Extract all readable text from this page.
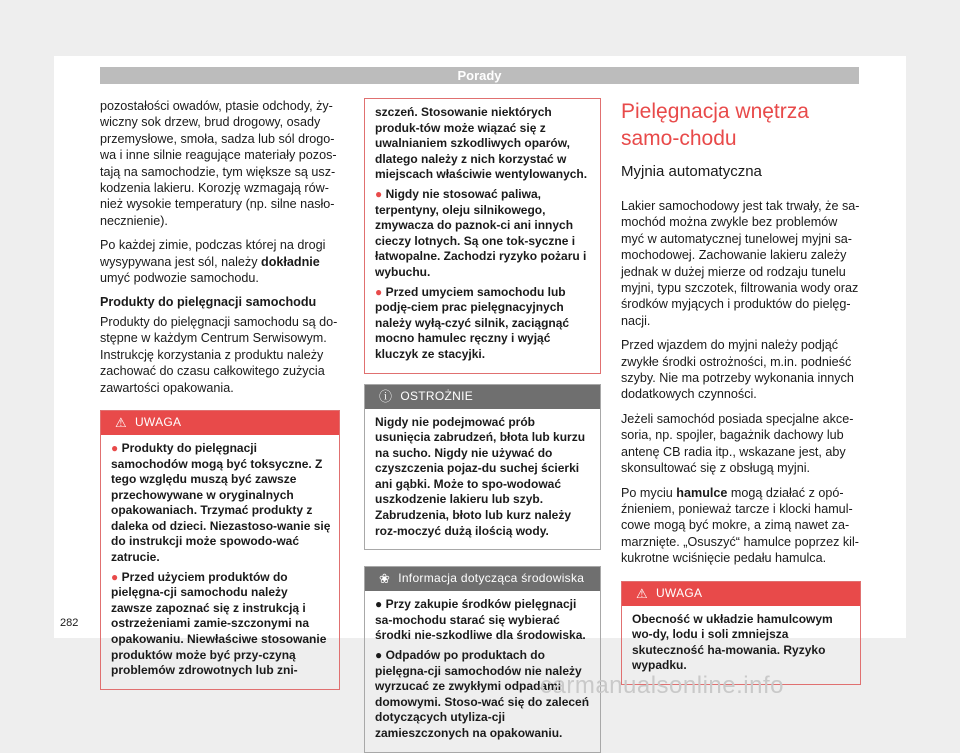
Porady

pozostałości owadów, ptasie odchody, ży-wiczny sok drzew, brud drogowy, osady przemysłowe, smoła, sadza lub sól drogo-wa i inne silnie reagujące materiały pozos-tają na samochodzie, tym większe są usz-kodzenia lakieru. Korozję wzmagają rów-nież wysokie temperatury (np. silne nasło-necznienie).

Po każdej zimie, podczas której na drogi wysypywana jest sól, należy dokładnie umyć podwozie samochodu.

Produkty do pielęgnacji samochodu

Produkty do pielęgnacji samochodu są do-stępne w każdym Centrum Serwisowym. Instrukcję korzystania z produktu należy zachować do czasu całkowitego zużycia zawartości opakowania.

⚠ UWAGA

● Produkty do pielęgnacji samochodów mogą być toksyczne. Z tego względu muszą być zawsze przechowywane w oryginalnych opakowaniach. Trzymać produkty z daleka od dzieci. Niezastoso-wanie się do instrukcji może spowodo-wać zatrucie.

● Przed użyciem produktów do pielęgna-cji samochodu należy zawsze zapoznać się z instrukcją i ostrzeżeniami zamie-szczonymi na opakowaniu. Niewłaściwe stosowanie produktów może być przy-czyną problemów zdrowotnych lub zni-

szczeń. Stosowanie niektórych produk-tów może wiązać się z uwalnianiem szkodliwych oparów, dlatego należy z nich korzystać w miejscach właściwie wentylowanych.

● Nigdy nie stosować paliwa, terpentyny, oleju silnikowego, zmywacza do paznok-ci ani innych cieczy lotnych. Są one tok-syczne i łatwopalne. Zachodzi ryzyko pożaru i wybuchu.

● Przed umyciem samochodu lub podję-ciem prac pielęgnacyjnych należy wyłą-czyć silnik, zaciągnąć mocno hamulec ręczny i wyjąć kluczyk ze stacyjki.

ⓘ OSTROŻNIE

Nigdy nie podejmować prób usunięcia zabrudzeń, błota lub kurzu na sucho. Nigdy nie używać do czyszczenia pojaz-du suchej ścierki ani gąbki. Może to spo-wodować uszkodzenie lakieru lub szyb. Zabrudzenia, błoto lub kurz należy roz-moczyć dużą ilością wody.

❀ Informacja dotycząca środowiska

● Przy zakupie środków pielęgnacji sa-mochodu starać się wybierać środki nie-szkodliwe dla środowiska.

● Odpadów po produktach do pielęgna-cji samochodów nie należy wyrzucać ze zwykłymi odpadami domowymi. Stoso-wać się do zaleceń dotyczących utyliza-cji zamieszczonych na opakowaniu.

Pielęgnacja wnętrza samo-chodu
Myjnia automatyczna

Lakier samochodowy jest tak trwały, że sa-mochód można zwykle bez problemów myć w automatycznej tunelowej myjni sa-mochodowej. Zachowanie lakieru zależy jednak w dużej mierze od rodzaju tunelu myjni, typu szczotek, filtrowania wody oraz środków myjących i produktów do pielęg-nacji.

Przed wjazdem do myjni należy podjąć zwykłe środki ostrożności, m.in. podnieść szyby. Nie ma potrzeby wykonania innych dodatkowych czynności.

Jeżeli samochód posiada specjalne akce-soria, np. spojler, bagażnik dachowy lub antenę CB radia itp., wskazane jest, aby skonsultować się z obsługą myjni.

Po myciu hamulce mogą działać z opó-źnieniem, ponieważ tarcze i klocki hamul-cowe mogą być mokre, a zimą nawet za-marznięte. „Osuszyć“ hamulce poprzez kil-kukrotne wciśnięcie pedału hamulca.

⚠ UWAGA

Obecność w układzie hamulcowym wo-dy, lodu i soli zmniejsza skuteczność ha-mowania. Ryzyko wypadku.

282
carmanualsonline.info
